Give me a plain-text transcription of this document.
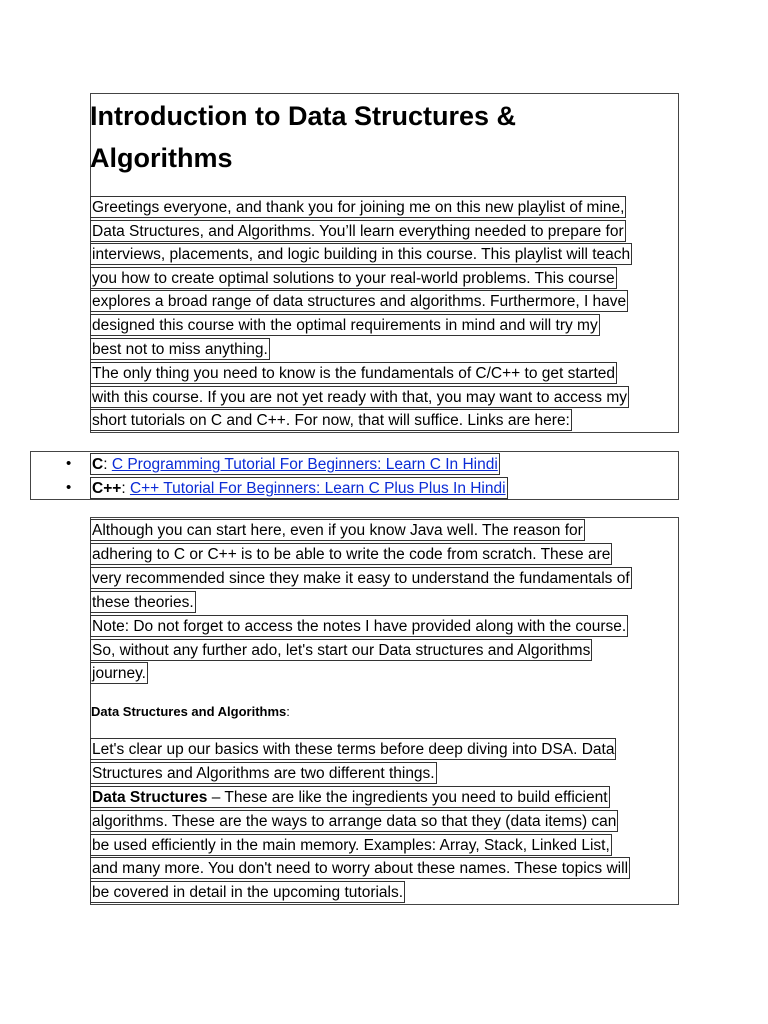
Introduction to Data Structures &
Algorithms
Greetings everyone, and thank you for joining me on this new playlist of mine,
Data Structures, and Algorithms. You’ll learn everything needed to prepare for
interviews, placements, and logic building in this course. This playlist will teach
you how to create optimal solutions to your real-world problems. This course
explores a broad range of data structures and algorithms. Furthermore, I have
designed this course with the optimal requirements in mind and will try my
best not to miss anything.
The only thing you need to know is the fundamentals of C/C++ to get started
with this course. If you are not yet ready with that, you may want to access my
short tutorials on C and C++. For now, that will suffice. Links are here:
• C: C Programming Tutorial For Beginners: Learn C In Hindi
• C++: C++ Tutorial For Beginners: Learn C Plus Plus In Hindi
Although you can start here, even if you know Java well. The reason for
adhering to C or C++ is to be able to write the code from scratch. These are
very recommended since they make it easy to understand the fundamentals of
these theories.
Note: Do not forget to access the notes I have provided along with the course.
So, without any further ado, let's start our Data structures and Algorithms
journey.
Data Structures and Algorithms:
Let's clear up our basics with these terms before deep diving into DSA. Data
Structures and Algorithms are two different things.
Data Structures – These are like the ingredients you need to build efficient
algorithms. These are the ways to arrange data so that they (data items) can
be used efficiently in the main memory. Examples: Array, Stack, Linked List,
and many more. You don't need to worry about these names. These topics will
be covered in detail in the upcoming tutorials.
